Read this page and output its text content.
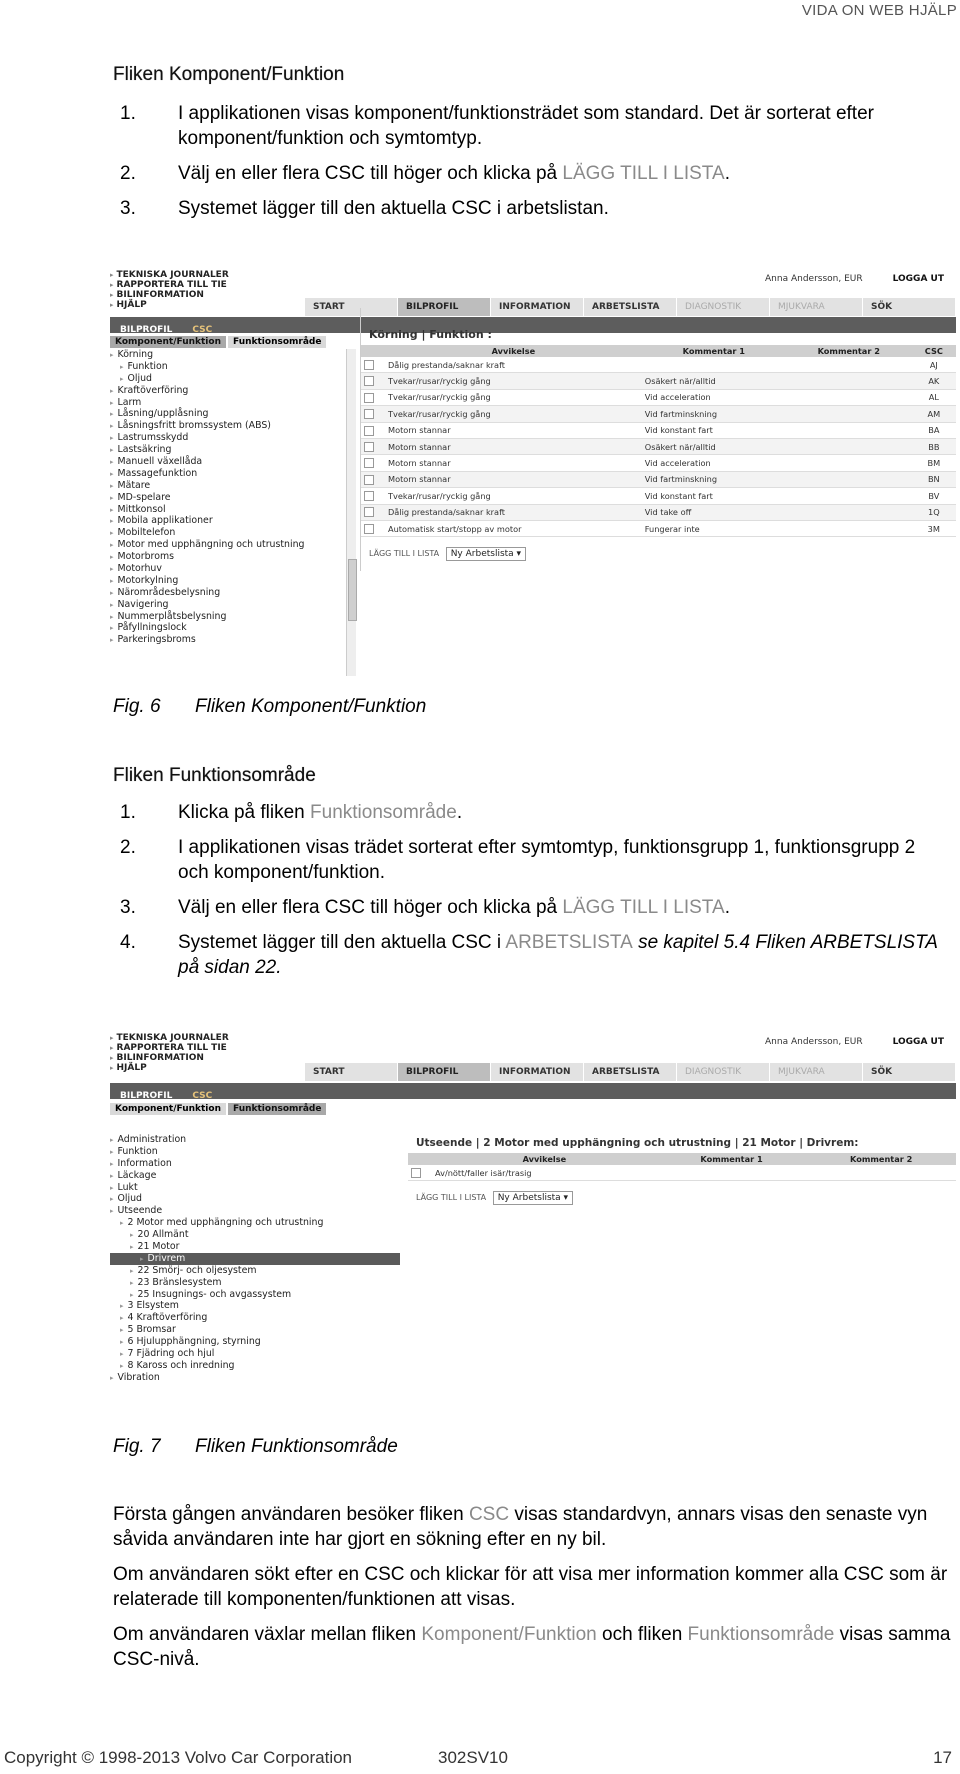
VIDA ON WEB HJÄLP
Fliken Komponent/Funktion
1. I applikationen visas komponent/funktionsträdet som standard. Det är sorterat efter komponent/funktion och symtomtyp.
2. Välj en eller flera CSC till höger och klicka på LÄGG TILL I LISTA.
3. Systemet lägger till den aktuella CSC i arbetslistan.
▸ TEKNISKA JOURNALER
▸ RAPPORTERA TILL TIE
▸ BILINFORMATION
▸ HJÄLP
Anna Andersson, EUR	LOGGA UT
START	BILPROFIL	INFORMATION	ARBETSLISTA	DIAGNOSTIK	MJUKVARA	SÖK
BILPROFIL CSC
Komponent/Funktion Funktionsområde
▸ Körning
▸ Funktion
▸ Oljud
▸ Kraftöverföring
▸ Larm
▸ Låsning/upplåsning
▸ Låsningsfritt bromssystem (ABS)
▸ Lastrumsskydd
▸ Lastsäkring
▸ Manuell växellåda
▸ Massagefunktion
▸ Mätare
▸ MD-spelare
▸ Mittkonsol
▸ Mobila applikationer
▸ Mobiltelefon
▸ Motor med upphängning och utrustning
▸ Motorbroms
▸ Motorhuv
▸ Motorkylning
▸ Närområdesbelysning
▸ Navigering
▸ Nummerplåtsbelysning
▸ Påfyllningslock
▸ Parkeringsbroms
Körning | Funktion :
	Avvikelse	Kommentar 1	Kommentar 2	CSC
	Dålig prestanda/saknar kraft			AJ
	Tvekar/rusar/ryckig gång	Osäkert när/alltid		AK
	Tvekar/rusar/ryckig gång	Vid acceleration		AL
	Tvekar/rusar/ryckig gång	Vid fartminskning		AM
	Motorn stannar	Vid konstant fart		BA
	Motorn stannar	Osäkert när/alltid		BB
	Motorn stannar	Vid acceleration		BM
	Motorn stannar	Vid fartminskning		BN
	Tvekar/rusar/ryckig gång	Vid konstant fart		BV
	Dålig prestanda/saknar kraft	Vid take off		1Q
	Automatisk start/stopp av motor	Fungerar inte		3M
LÄGG TILL I LISTA Ny Arbetslista ▾
Fig. 6 Fliken Komponent/Funktion
Fliken Funktionsområde
1. Klicka på fliken Funktionsområde.
2. I applikationen visas trädet sorterat efter symtomtyp, funktionsgrupp 1, funktionsgrupp 2 och komponent/funktion.
3. Välj en eller flera CSC till höger och klicka på LÄGG TILL I LISTA.
4. Systemet lägger till den aktuella CSC i ARBETSLISTA se kapitel 5.4 Fliken ARBETSLISTA på sidan 22.
▸ TEKNISKA JOURNALER
▸ RAPPORTERA TILL TIE
▸ BILINFORMATION
▸ HJÄLP
Anna Andersson, EUR	LOGGA UT
START	BILPROFIL	INFORMATION	ARBETSLISTA	DIAGNOSTIK	MJUKVARA	SÖK
BILPROFIL CSC
Komponent/Funktion Funktionsområde
▸ Administration
▸ Funktion
▸ Information
▸ Läckage
▸ Lukt
▸ Oljud
▸ Utseende
▸ 2 Motor med upphängning och utrustning
▸ 20 Allmänt
▸ 21 Motor
▸ Drivrem
▸ 22 Smörj- och oljesystem
▸ 23 Bränslesystem
▸ 25 Insugnings- och avgassystem
▸ 3 Elsystem
▸ 4 Kraftöverföring
▸ 5 Bromsar
▸ 6 Hjulupphängning, styrning
▸ 7 Fjädring och hjul
▸ 8 Kaross och inredning
▸ Vibration
Utseende | 2 Motor med upphängning och utrustning | 21 Motor | Drivrem:
	Avvikelse	Kommentar 1	Kommentar 2
	Av/nött/faller isär/trasig		
LÄGG TILL I LISTA Ny Arbetslista ▾
Fig. 7 Fliken Funktionsområde

Första gången användaren besöker fliken CSC visas standardvyn, annars visas den senaste vyn såvida användaren inte har gjort en sökning efter en ny bil.

Om användaren sökt efter en CSC och klickar för att visa mer information kommer alla CSC som är relaterade till komponenten/funktionen att visas.

Om användaren växlar mellan fliken Komponent/Funktion och fliken Funktionsområde visas samma CSC-nivå.

Copyright © 1998-2013 Volvo Car Corporation	302SV10	17
